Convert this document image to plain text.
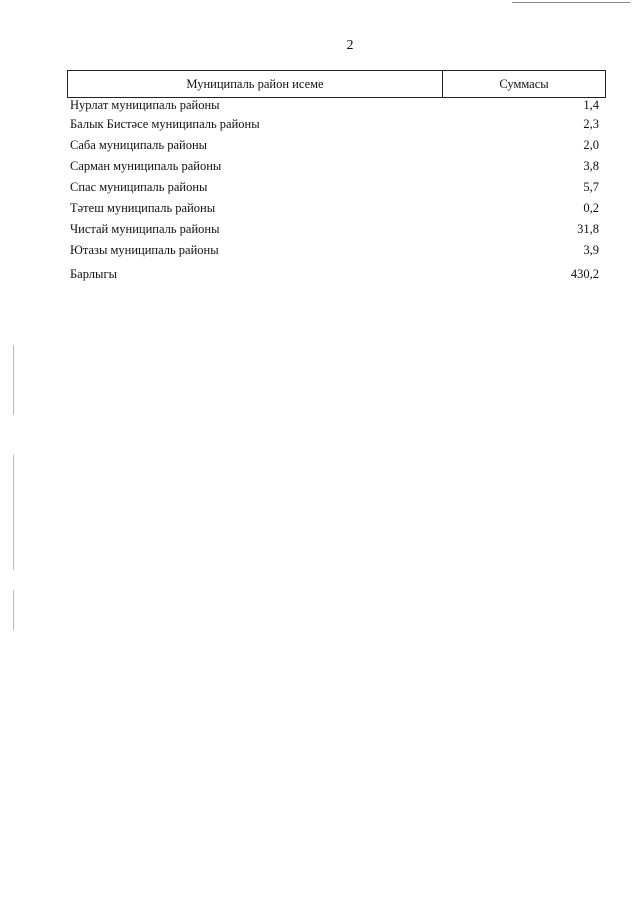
2
Муниципаль район исеме	Суммасы
Нурлат муниципаль районы	1,4
Балык Бистәсе муниципаль районы	2,3
Саба муниципаль районы	2,0
Сарман муниципаль районы	3,8
Спас муниципаль районы	5,7
Тәтеш муниципаль районы	0,2
Чистай муниципаль районы	31,8
Ютазы муниципаль районы	3,9
Барлыгы	430,2
